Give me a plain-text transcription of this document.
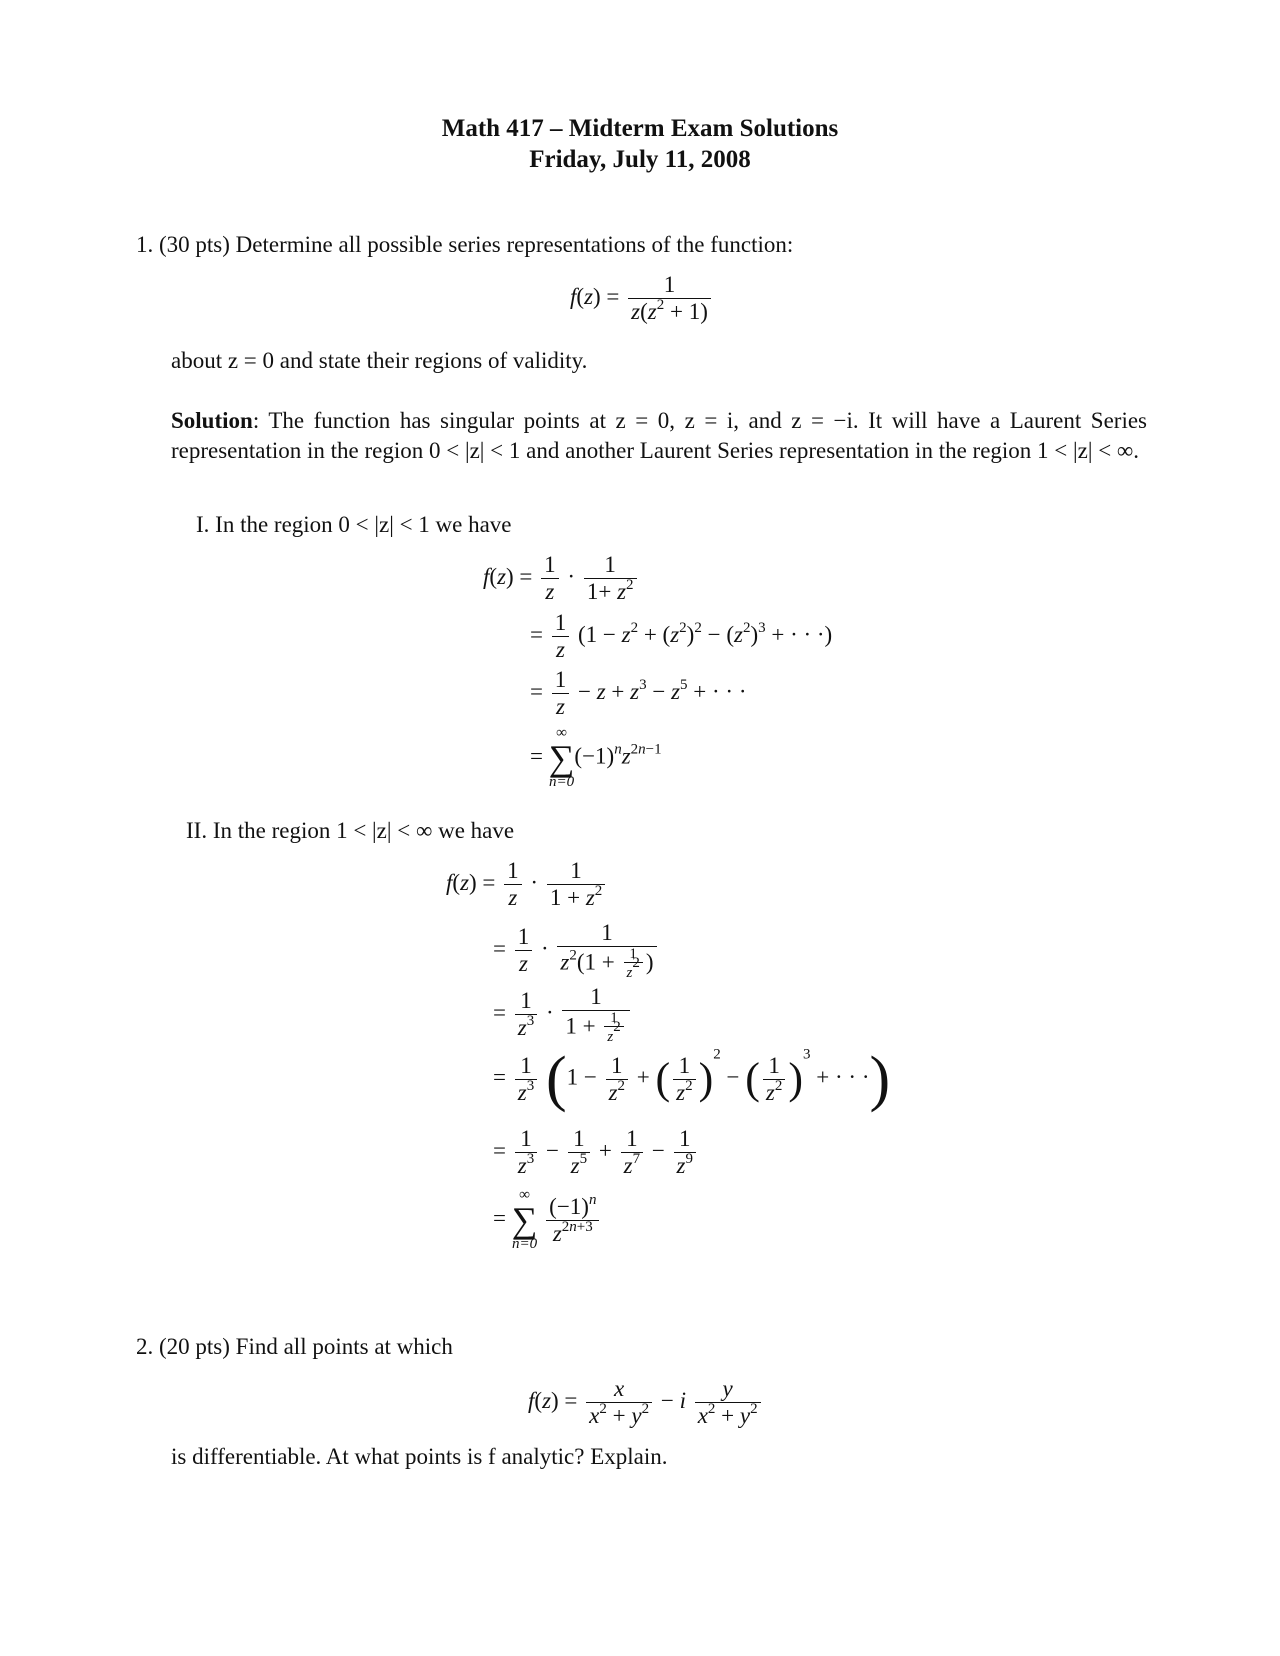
Math 417 – Midterm Exam Solutions
Friday, July 11, 2008
1. (30 pts) Determine all possible series representations of the function:
$f(z) = \frac{1}{z(z^2 + 1)}$
about z = 0 and state their regions of validity.
Solution: The function has singular points at z = 0, z = i, and z = −i. It will have a Laurent Series representation in the region 0 < |z| < 1 and another Laurent Series representation in the region 1 < |z| < ∞.
I. In the region 0 < |z| < 1 we have
$f(z) = \frac{1}{z} \cdot \frac{1}{1+ z^2}$
= $\frac{1}{z} (1 - z^2 + (z^2)^2 - (z^2)^3$ + · · ·)
= $\frac{1}{z} - z + z^3 - z^5$ + · · ·
=
∞
∑
n=0
$(-1)^nz^{2n-1}$
II. In the region 1 < |z| < ∞ we have
$f(z) = \frac{1}{z} \cdot \frac{1}{1 + z^2}$
= $\frac{1}{z} \cdot \frac{1}{z^2(1 + \frac{1}{z^2} )}$
= $\frac{1}{z^3} \cdot \frac{1}{1 + \frac{1}{z^2}}$
= $\frac{1}{z^3} (1 - \frac{1}{z^2}$ + ( $\frac{1}{z^2} )^2$ − ( $\frac{1}{z^2} )^3$ + · · ·)
= $\frac{1}{z^3} - \frac{1}{z^5} + \frac{1}{z^7} - \frac{1}{z^9}$
=
∞
∑
n=0
$\frac{(-1)^n}{z^{2n+3}}$
2. (20 pts) Find all points at which
$f(z) = \frac{x}{x^2 + y^2} - i \frac{y}{x^2 + y^2}$
is differentiable. At what points is f analytic? Explain.
